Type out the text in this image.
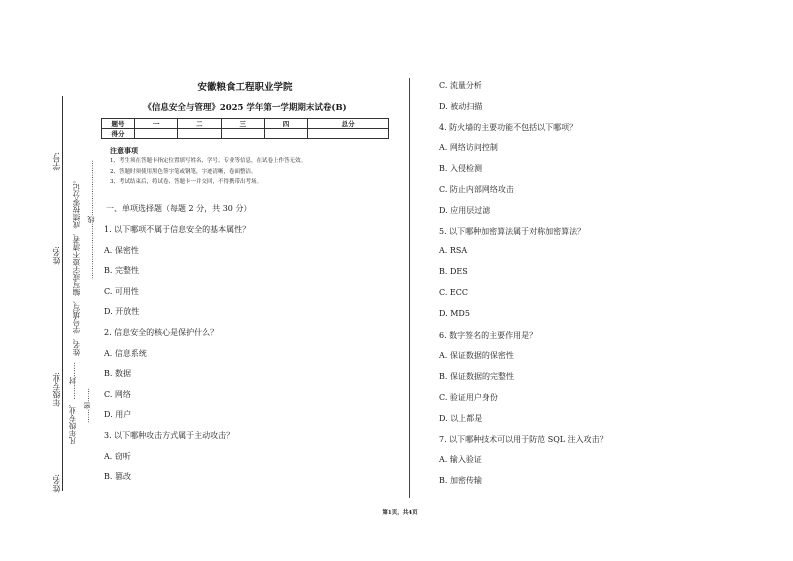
学号:
姓名:
年级专业:
姓名:
……………………线……………………
姓名、学号填写、编写或字迹不清者、成绩按零分记。
凡年级专业、……封…… ……密……
安徽粮食工程职业学院
《信息安全与管理》2025 学年第一学期期末试卷(B)
题号	一	二	三	四	总分
得分					
注意事项
1、考生须在答题卡指定位置填写姓名、学号、专业等信息，在试卷上作答无效。
2、答题时须使用黑色签字笔或钢笔，字迹清晰，卷面整洁。
3、考试结束后，将试卷、答题卡一并交回，不得携带出考场。
一、单项选择题（每题 2 分，共 30 分）
1. 以下哪项不属于信息安全的基本属性？
A. 保密性
B. 完整性
C. 可用性
D. 开放性
2. 信息安全的核心是保护什么？
A. 信息系统
B. 数据
C. 网络
D. 用户
3. 以下哪种攻击方式属于主动攻击？
A. 窃听
B. 篡改
C. 流量分析
D. 被动扫描
4. 防火墙的主要功能不包括以下哪项？
A. 网络访问控制
B. 入侵检测
C. 防止内部网络攻击
D. 应用层过滤
5. 以下哪种加密算法属于对称加密算法？
A. RSA
B. DES
C. ECC
D. MD5
6. 数字签名的主要作用是？
A. 保证数据的保密性
B. 保证数据的完整性
C. 验证用户身份
D. 以上都是
7. 以下哪种技术可以用于防范 SQL 注入攻击？
A. 输入验证
B. 加密传输
第1页，共4页
